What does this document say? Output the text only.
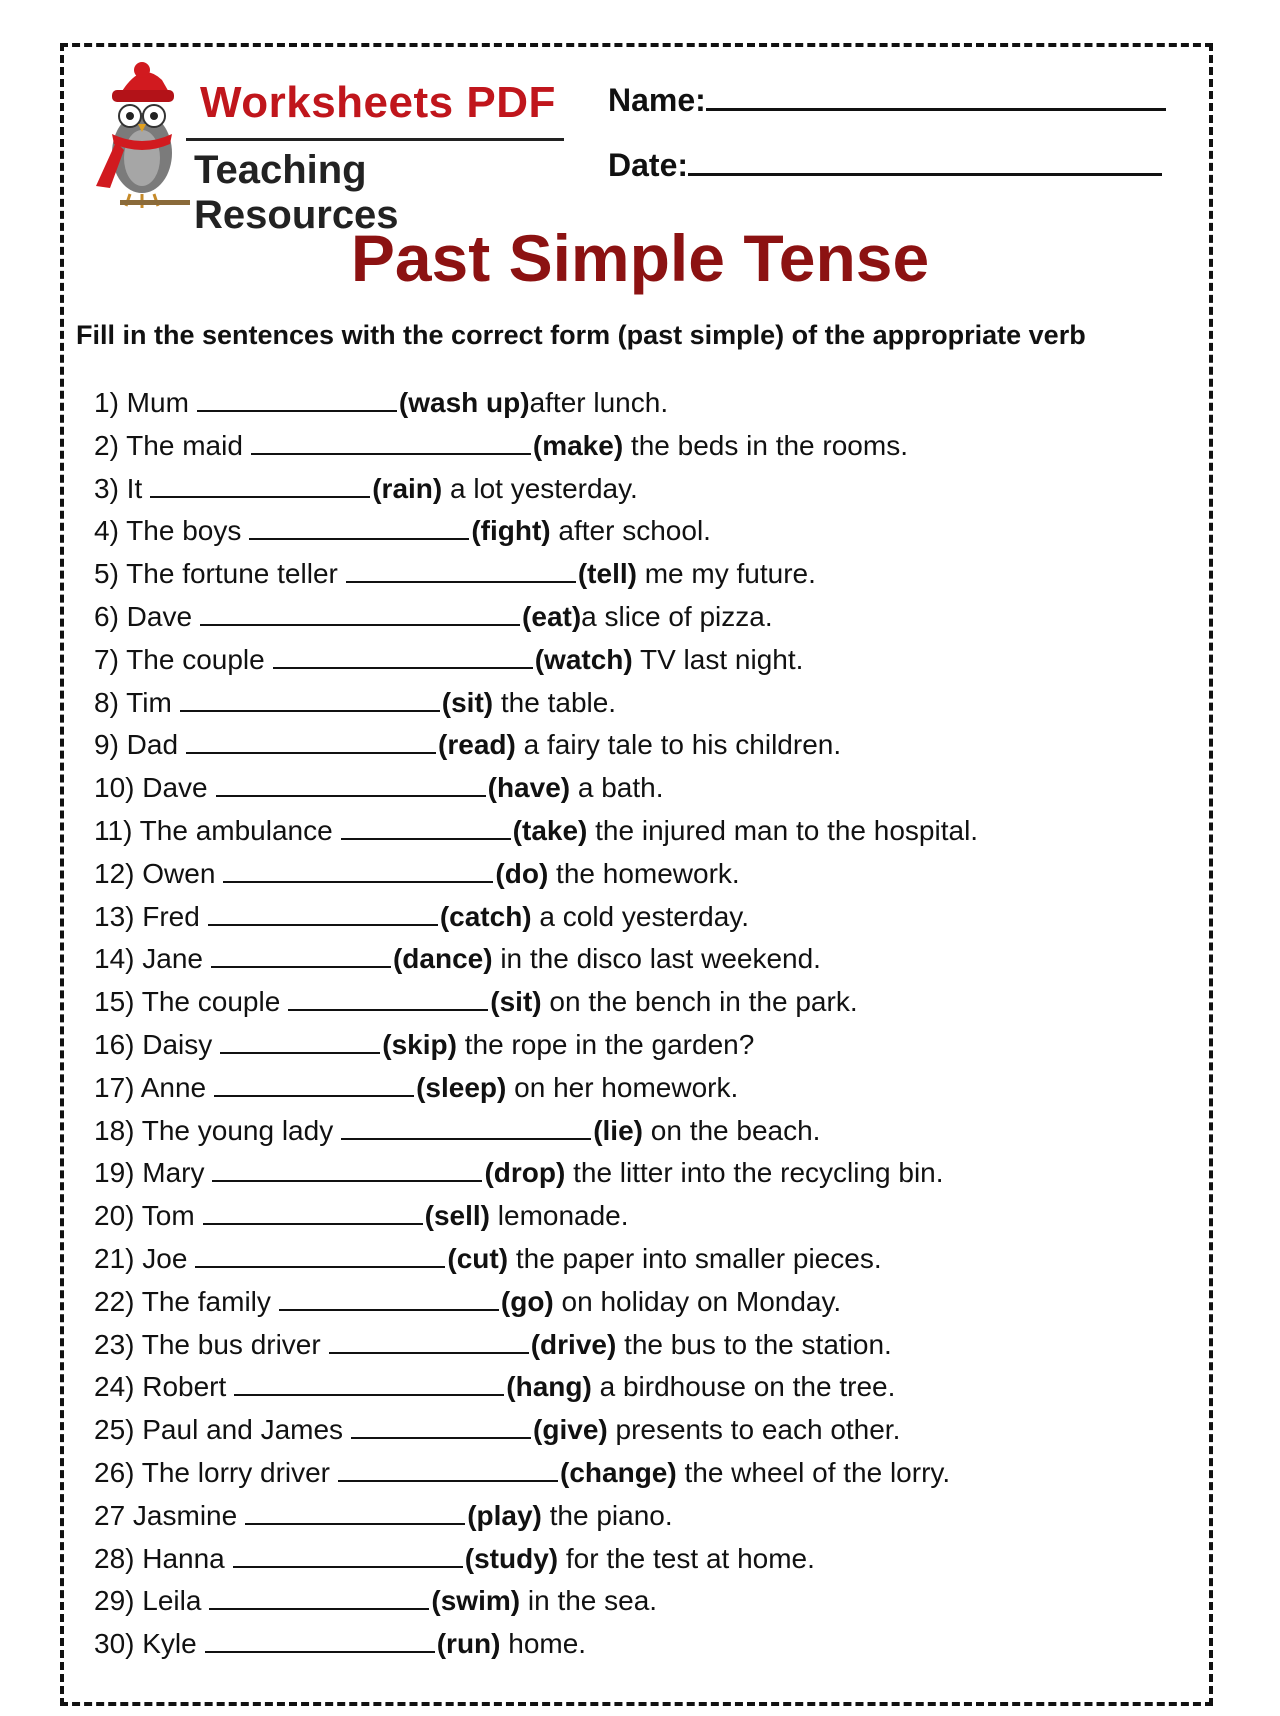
Worksheets PDF
Teaching Resources
Name:
Date:
Past Simple Tense
Fill in the sentences with the correct form (past simple) of the appropriate verb
1) Mum	(wash up)after lunch.
2) The maid	(make) the beds in the rooms.
3) It	(rain) a lot yesterday.
4) The boys	(fight) after school.
5) The fortune teller	(tell) me my future.
6) Dave	(eat)a slice of pizza.
7) The couple	(watch) TV last night.
8) Tim	(sit) the table.
9) Dad	(read) a fairy tale to his children.
10) Dave	(have) a bath.
11) The ambulance	(take) the injured man to the hospital.
12) Owen	(do) the homework.
13) Fred	(catch) a cold yesterday.
14) Jane	(dance) in the disco last weekend.
15) The couple	(sit) on the bench in the park.
16) Daisy	(skip) the rope in the garden?
17) Anne	(sleep) on her homework.
18) The young lady	(lie) on the beach.
19) Mary	(drop) the litter into the recycling bin.
20) Tom	(sell) lemonade.
21) Joe	(cut) the paper into smaller pieces.
22) The family	(go) on holiday on Monday.
23) The bus driver	(drive) the bus to the station.
24) Robert	(hang) a birdhouse on the tree.
25) Paul and James	(give) presents to each other.
26) The lorry driver	(change) the wheel of the lorry.
27 Jasmine	(play) the piano.
28) Hanna	(study) for the test at home.
29) Leila	(swim) in the sea.
30) Kyle	(run) home.
